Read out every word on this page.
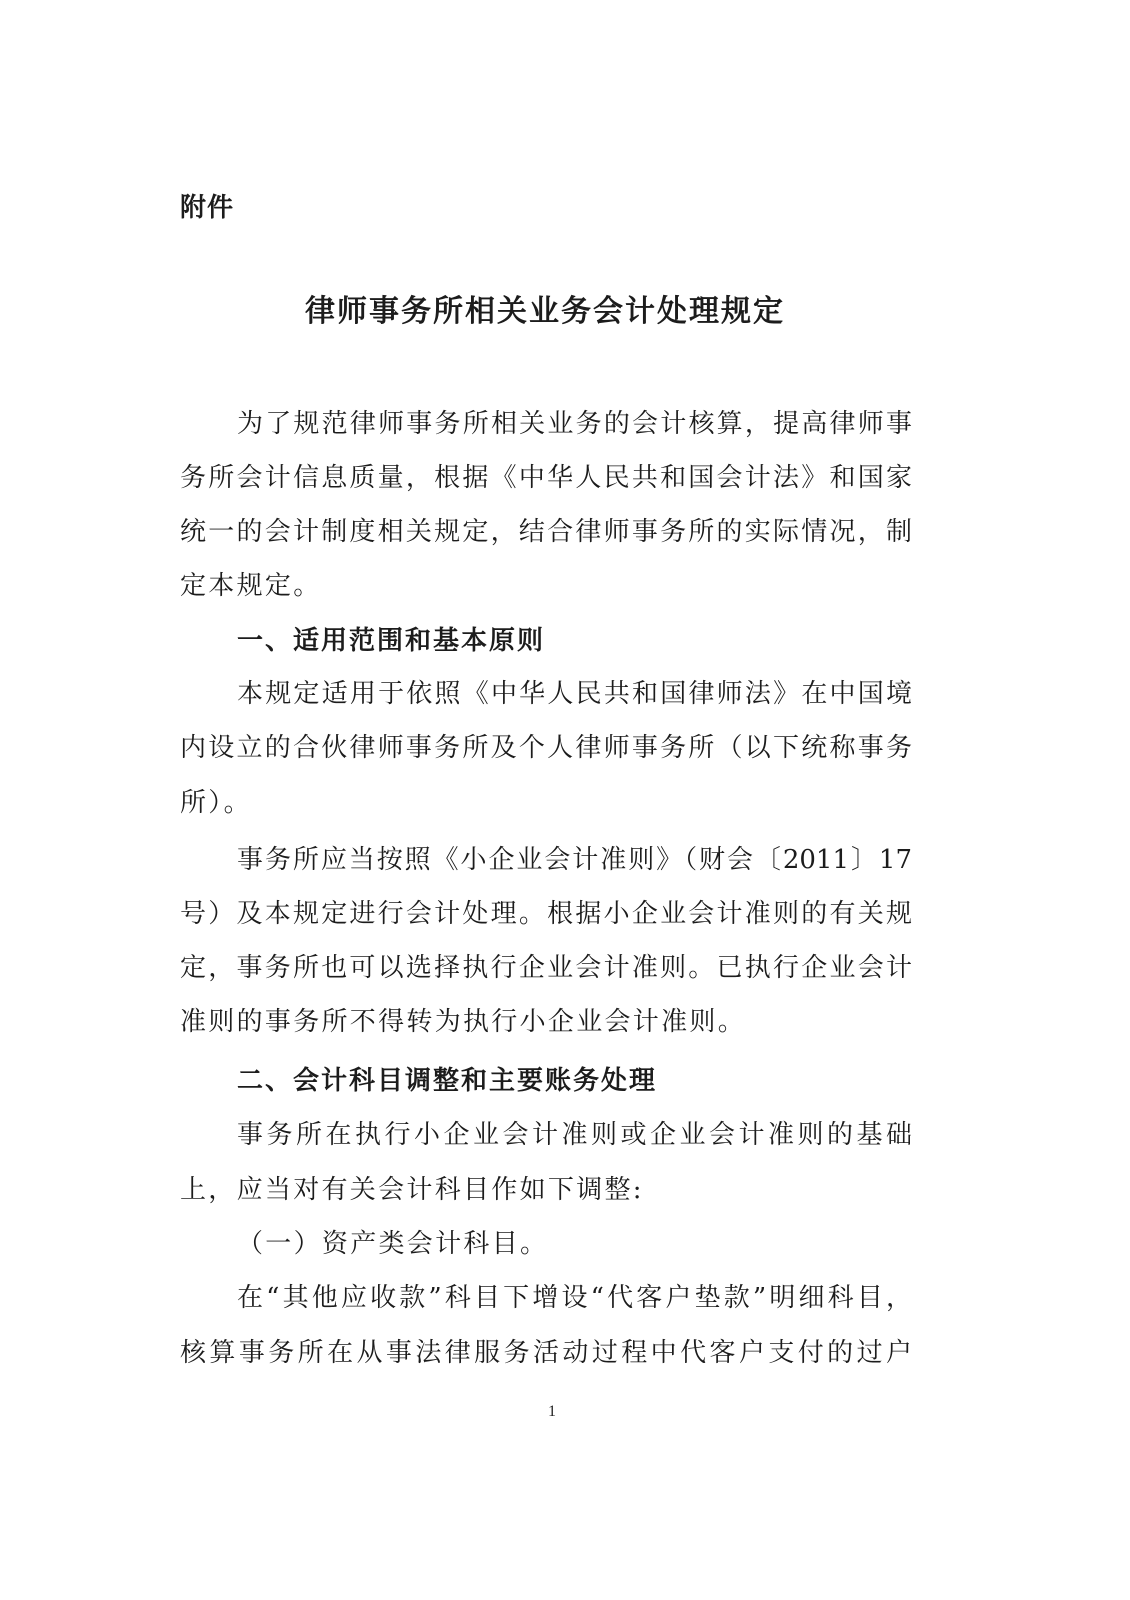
附件
律师事务所相关业务会计处理规定
为了规范律师事务所相关业务的会计核算，提高律师事
务所会计信息质量，根据《中华人民共和国会计法》和国家
统一的会计制度相关规定，结合律师事务所的实际情况，制
定本规定。
一、适用范围和基本原则
本规定适用于依照《中华人民共和国律师法》在中国境
内设立的合伙律师事务所及个人律师事务所（以下统称事务
所）。
事务所应当按照《小企业会计准则》（财会〔2011〕17
号）及本规定进行会计处理。根据小企业会计准则的有关规
定，事务所也可以选择执行企业会计准则。已执行企业会计
准则的事务所不得转为执行小企业会计准则。
二、会计科目调整和主要账务处理
事务所在执行小企业会计准则或企业会计准则的基础
上，应当对有关会计科目作如下调整:
（一）资产类会计科目。
在“其他应收款”科目下增设“代客户垫款”明细科目，
核算事务所在从事法律服务活动过程中代客户支付的过户
1
